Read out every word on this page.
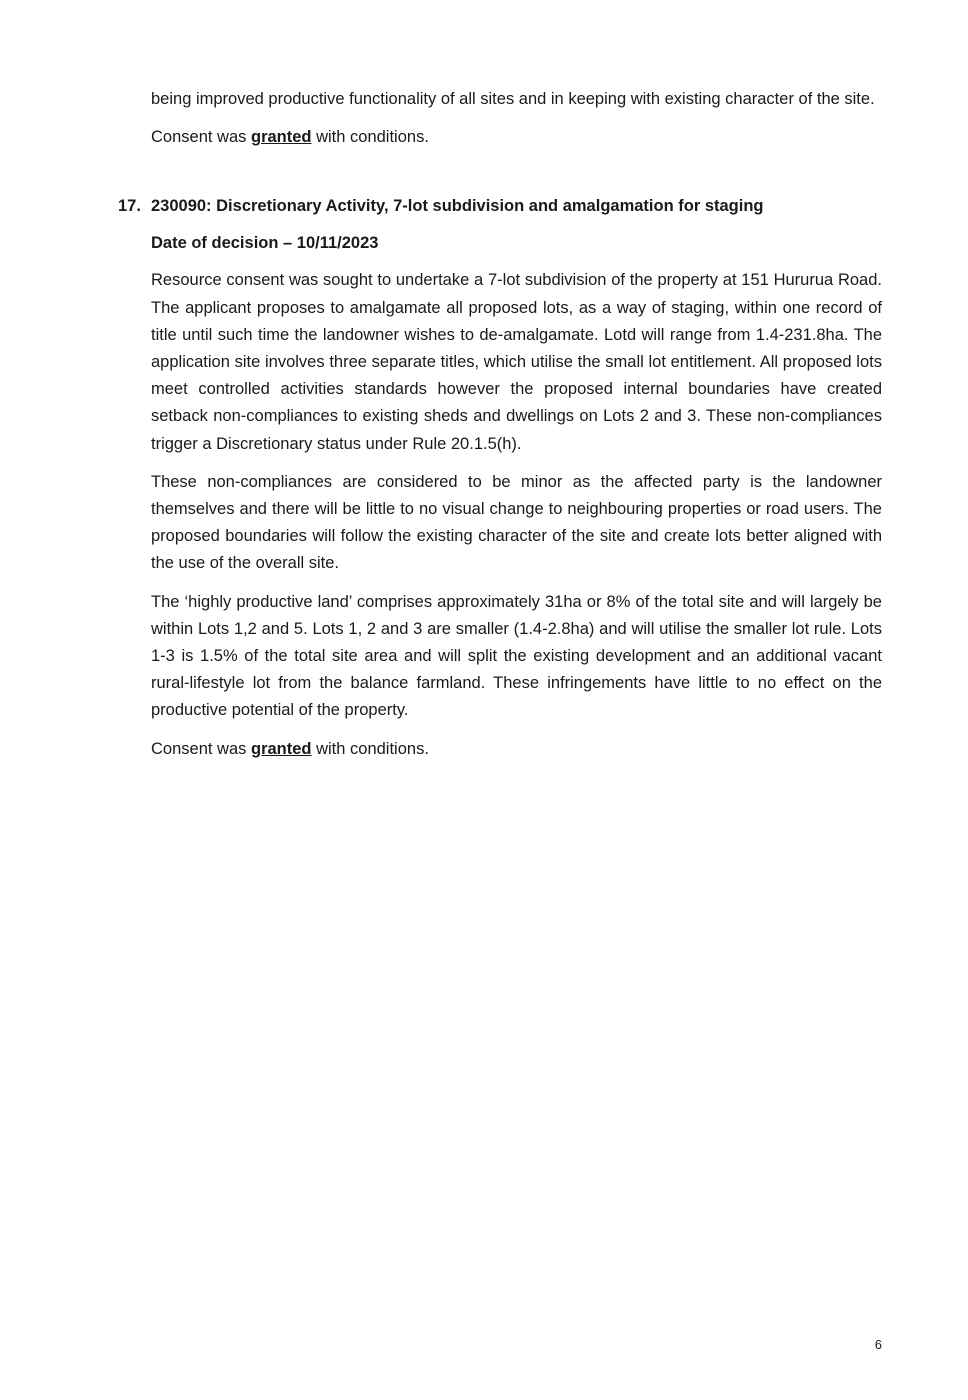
being improved productive functionality of all sites and in keeping with existing character of the site.

Consent was granted with conditions.

17. 230090: Discretionary Activity, 7-lot subdivision and amalgamation for staging
Date of decision – 10/11/2023

Resource consent was sought to undertake a 7-lot subdivision of the property at 151 Hururua Road. The applicant proposes to amalgamate all proposed lots, as a way of staging, within one record of title until such time the landowner wishes to de-amalgamate. Lotd will range from 1.4-231.8ha. The application site involves three separate titles, which utilise the small lot entitlement. All proposed lots meet controlled activities standards however the proposed internal boundaries have created setback non-compliances to existing sheds and dwellings on Lots 2 and 3. These non-compliances trigger a Discretionary status under Rule 20.1.5(h).

These non-compliances are considered to be minor as the affected party is the landowner themselves and there will be little to no visual change to neighbouring properties or road users. The proposed boundaries will follow the existing character of the site and create lots better aligned with the use of the overall site.

The ‘highly productive land’ comprises approximately 31ha or 8% of the total site and will largely be within Lots 1,2 and 5. Lots 1, 2 and 3 are smaller (1.4-2.8ha) and will utilise the smaller lot rule. Lots 1-3 is 1.5% of the total site area and will split the existing development and an additional vacant rural-lifestyle lot from the balance farmland. These infringements have little to no effect on the productive potential of the property.

Consent was granted with conditions.

6
